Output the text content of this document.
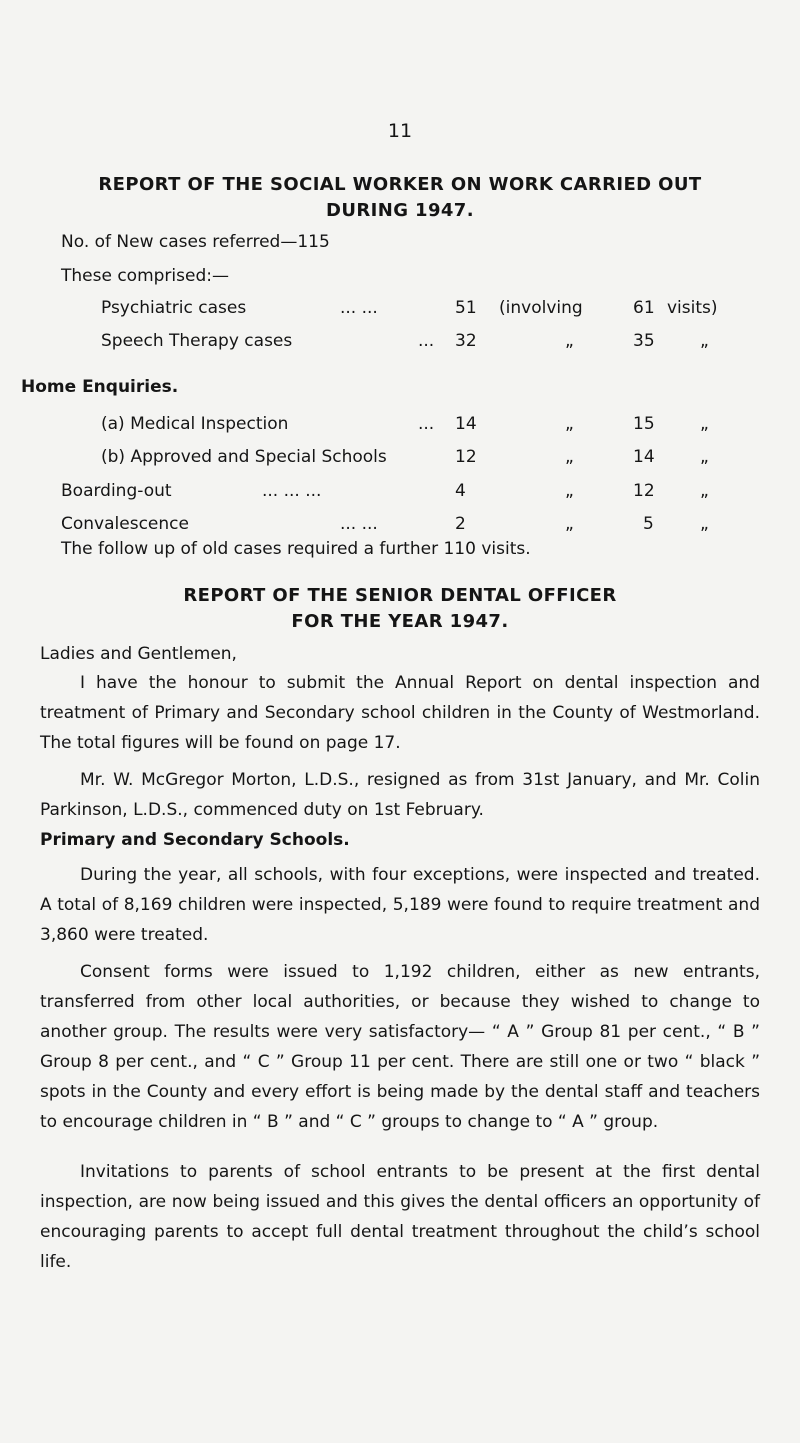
11
REPORT OF THE SOCIAL WORKER ON WORK CARRIED OUT
DURING 1947.
No. of New cases referred—115
These comprised:—
Psychiatric cases	... ...	51 (involving	61 visits)
Speech Therapy cases	... 32	„	35	„
Home Enquiries.
(a) Medical Inspection	... 14	„	15	„
(b) Approved and Special Schools	12	„	14	„
Boarding-out	... ... ...	4	„	12	„
Convalescence	... ...	2	„	5	„
The follow up of old cases required a further 110 visits.
REPORT OF THE SENIOR DENTAL OFFICER
FOR THE YEAR 1947.
Ladies and Gentlemen,

I have the honour to submit the Annual Report on dental inspection and treatment of Primary and Secondary school children in the County of Westmorland. The total figures will be found on page 17.

Mr. W. McGregor Morton, L.D.S., resigned as from 31st January, and Mr. Colin Parkinson, L.D.S., commenced duty on 1st February.

Primary and Secondary Schools.

During the year, all schools, with four exceptions, were inspected and treated. A total of 8,169 children were inspected, 5,189 were found to require treatment and 3,860 were treated.

Consent forms were issued to 1,192 children, either as new entrants, transferred from other local authorities, or because they wished to change to another group. The results were very satisfactory— “ A ” Group 81 per cent., “ B ” Group 8 per cent., and “ C ” Group 11 per cent. There are still one or two “ black ” spots in the County and every effort is being made by the dental staff and teachers to encourage children in “ B ” and “ C ” groups to change to “ A ” group.

Invitations to parents of school entrants to be present at the first dental inspection, are now being issued and this gives the dental officers an opportunity of encouraging parents to accept full dental treatment throughout the child’s school life.
